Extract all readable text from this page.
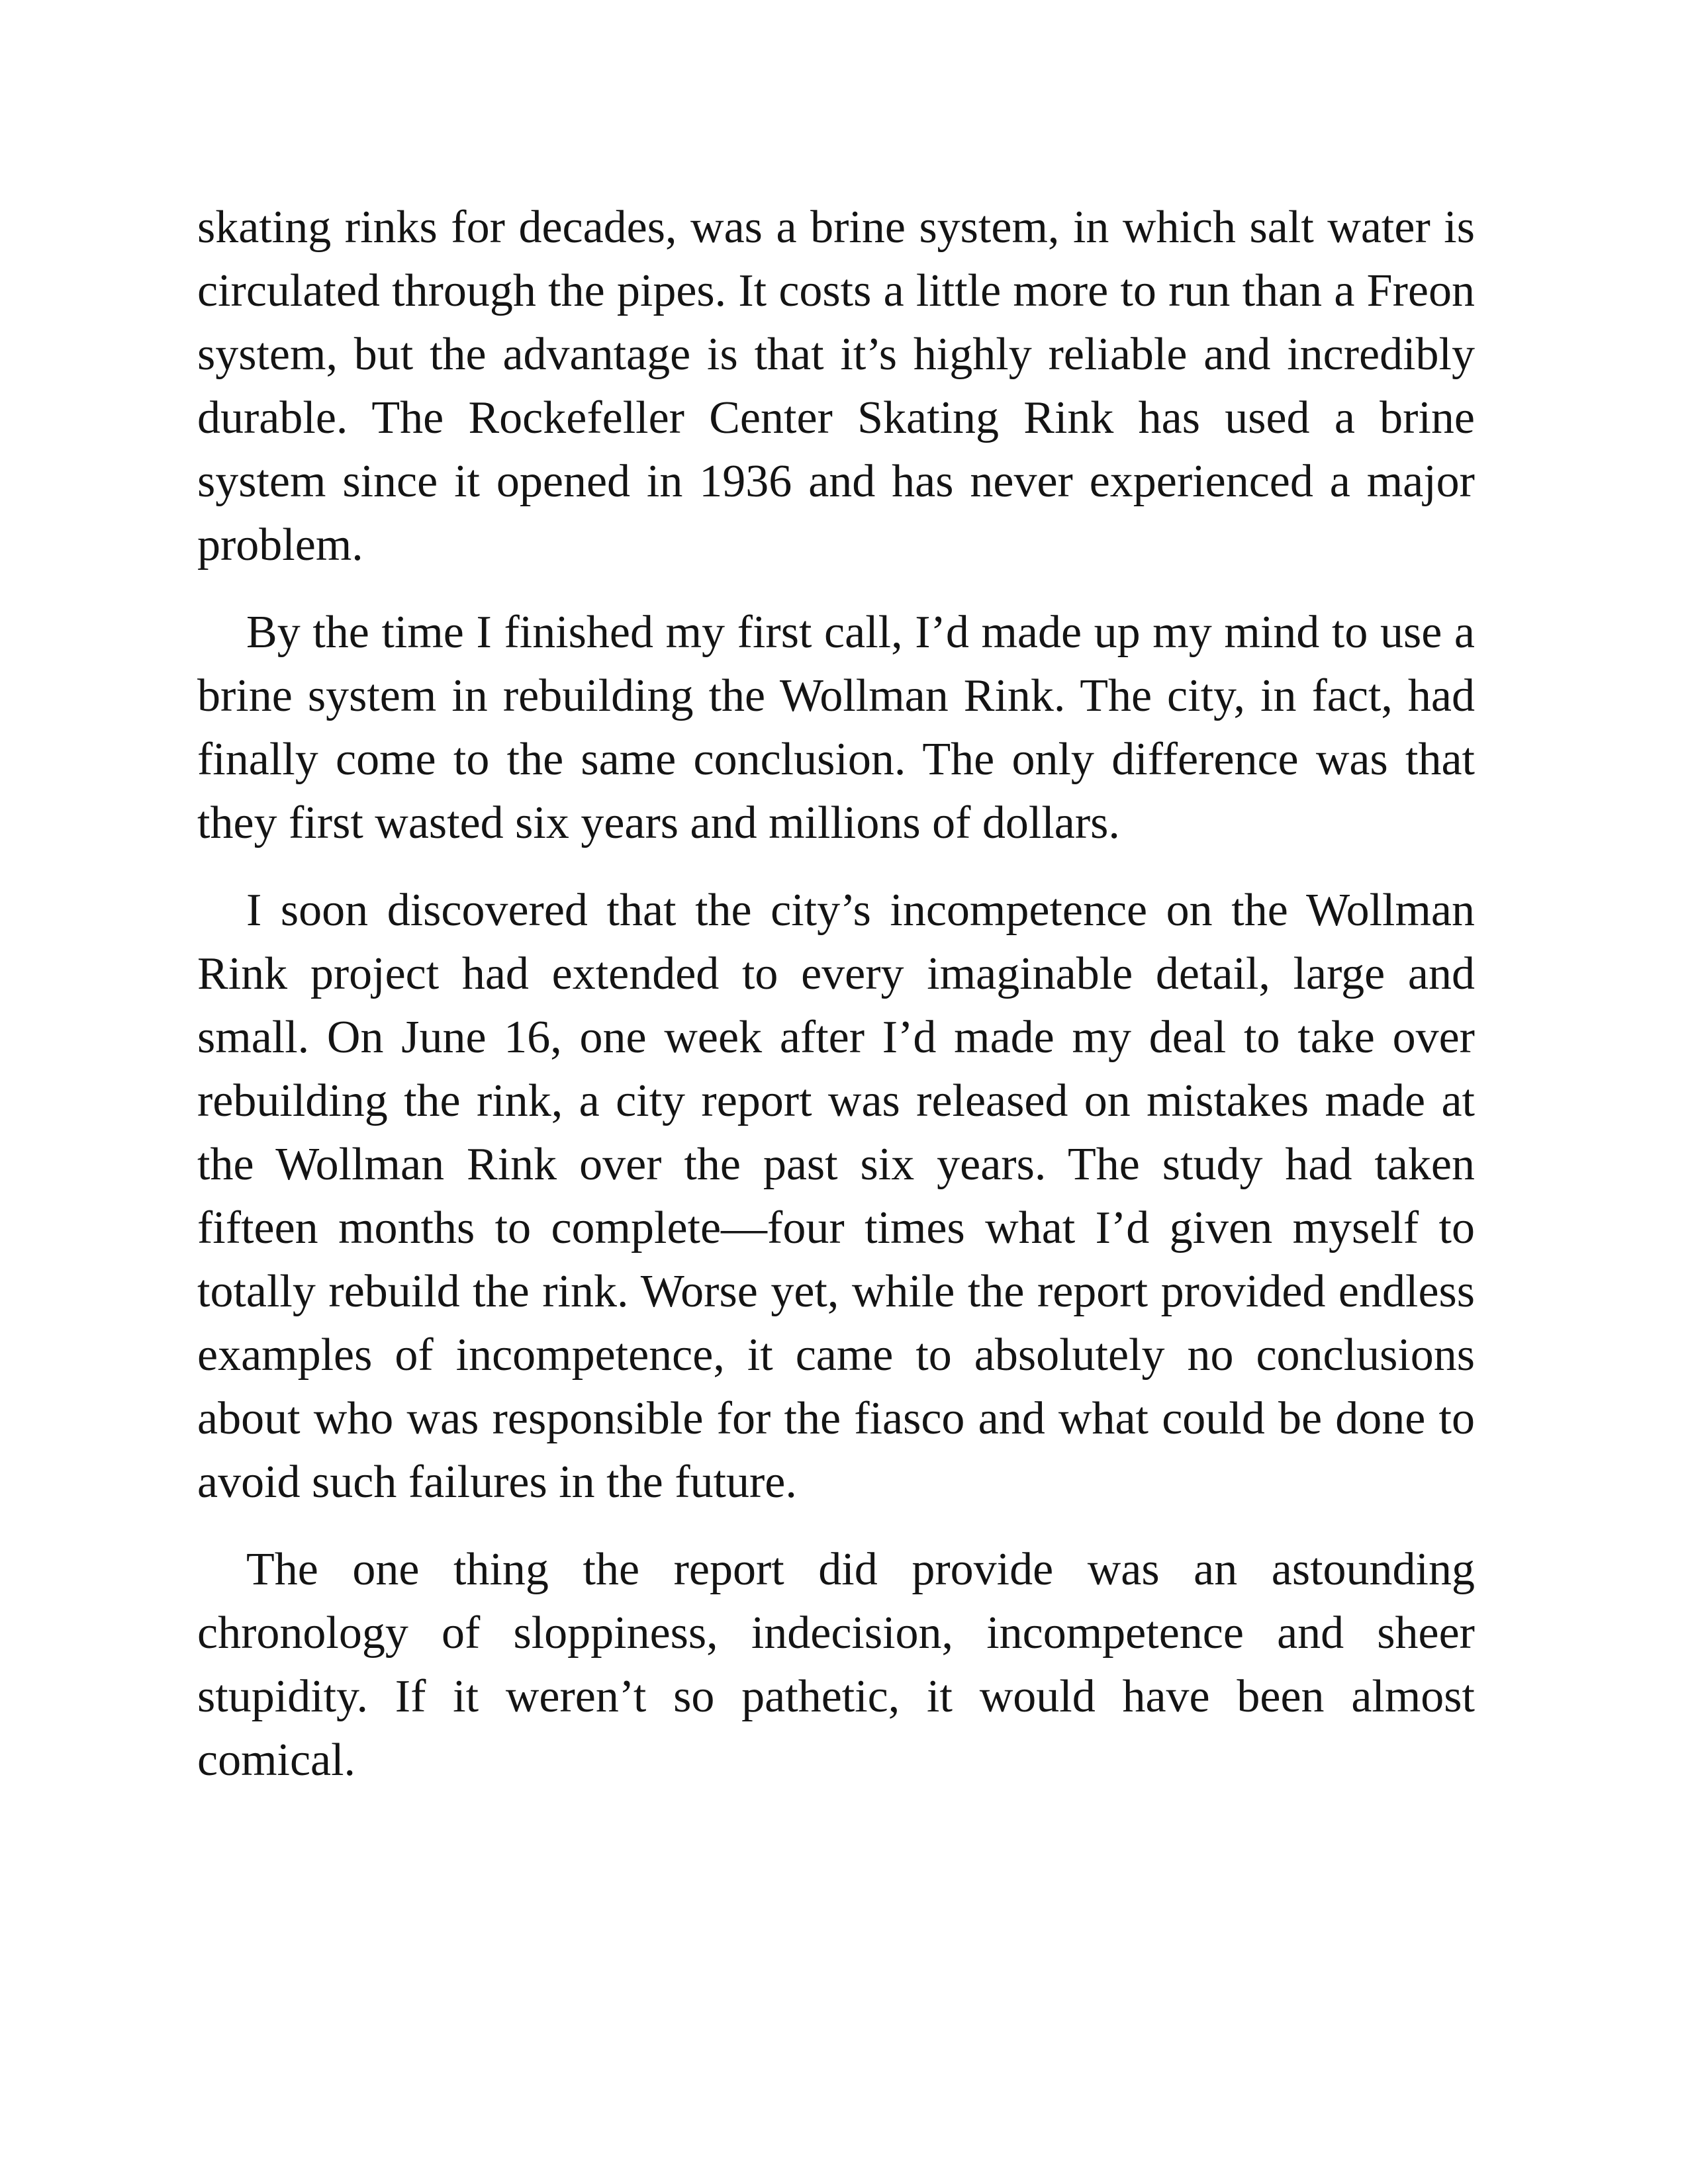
skating rinks for decades, was a brine system, in which salt water is circulated through the pipes. It costs a little more to run than a Freon system, but the advantage is that it’s highly reliable and incredibly durable. The Rockefeller Center Skating Rink has used a brine system since it opened in 1936 and has never experienced a major problem.

By the time I finished my first call, I’d made up my mind to use a brine system in rebuilding the Wollman Rink. The city, in fact, had finally come to the same conclusion. The only difference was that they first wasted six years and millions of dollars.

I soon discovered that the city’s incompetence on the Wollman Rink project had extended to every imaginable detail, large and small. On June 16, one week after I’d made my deal to take over rebuilding the rink, a city report was released on mistakes made at the Wollman Rink over the past six years. The study had taken fifteen months to complete—four times what I’d given myself to totally rebuild the rink. Worse yet, while the report provided endless examples of incompetence, it came to absolutely no conclusions about who was responsible for the fiasco and what could be done to avoid such failures in the future.

The one thing the report did provide was an astounding chronology of sloppiness, indecision, incompetence and sheer stupidity. If it weren’t so pathetic, it would have been almost comical.
